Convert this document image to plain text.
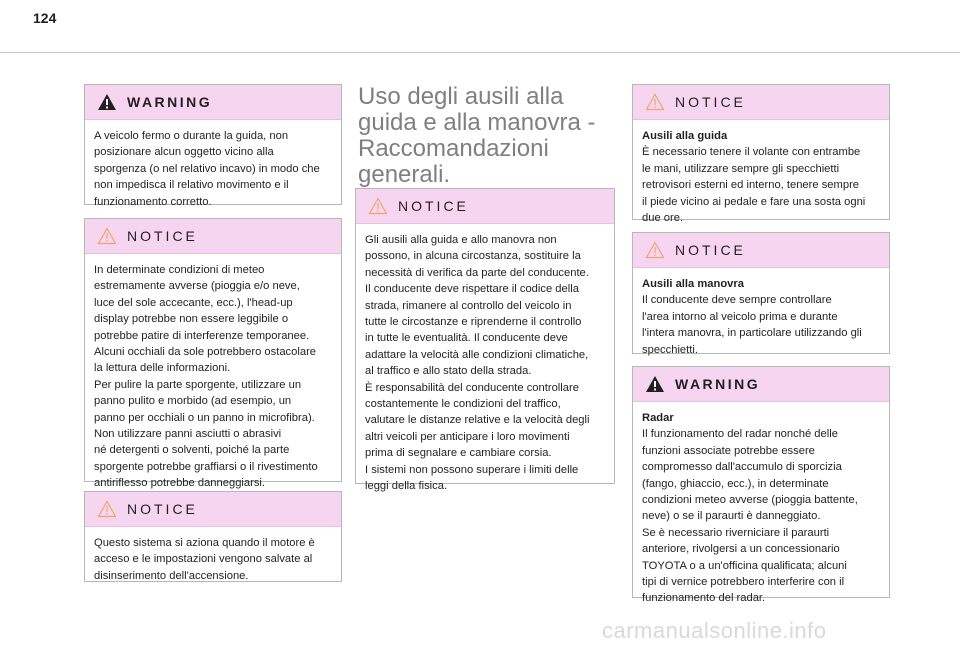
124
WARNING

A veicolo fermo o durante la guida, non
posizionare alcun oggetto vicino alla
sporgenza (o nel relativo incavo) in modo che
non impedisca il relativo movimento e il
funzionamento corretto.

NOTICE

In determinate condizioni di meteo
estremamente avverse (pioggia e/o neve,
luce del sole accecante, ecc.), l'head-up
display potrebbe non essere leggibile o
potrebbe patire di interferenze temporanee.
Alcuni occhiali da sole potrebbero ostacolare
la lettura delle informazioni.
Per pulire la parte sporgente, utilizzare un
panno pulito e morbido (ad esempio, un
panno per occhiali o un panno in microfibra).
Non utilizzare panni asciutti o abrasivi
né detergenti o solventi, poiché la parte
sporgente potrebbe graffiarsi o il rivestimento
antiriflesso potrebbe danneggiarsi.

NOTICE

Questo sistema si aziona quando il motore è
acceso e le impostazioni vengono salvate al
disinserimento dell'accensione.

Uso degli ausili alla guida e alla manovra - Raccomandazioni generali.
NOTICE

Gli ausili alla guida e allo manovra non
possono, in alcuna circostanza, sostituire la
necessità di verifica da parte del conducente.
Il conducente deve rispettare il codice della
strada, rimanere al controllo del veicolo in
tutte le circostanze e riprenderne il controllo
in tutte le eventualità. Il conducente deve
adattare la velocità alle condizioni climatiche,
al traffico e allo stato della strada.
È responsabilità del conducente controllare
costantemente le condizioni del traffico,
valutare le distanze relative e la velocità degli
altri veicoli per anticipare i loro movimenti
prima di segnalare e cambiare corsia.
I sistemi non possono superare i limiti delle
leggi della fisica.

NOTICE
Ausili alla guida

È necessario tenere il volante con entrambe
le mani, utilizzare sempre gli specchietti
retrovisori esterni ed interno, tenere sempre
il piede vicino ai pedale e fare una sosta ogni
due ore.

NOTICE
Ausili alla manovra

Il conducente deve sempre controllare
l'area intorno al veicolo prima e durante
l'intera manovra, in particolare utilizzando gli
specchietti.

WARNING
Radar

Il funzionamento del radar nonché delle
funzioni associate potrebbe essere
compromesso dall'accumulo di sporcizia
(fango, ghiaccio, ecc.), in determinate
condizioni meteo avverse (pioggia battente,
neve) o se il paraurti è danneggiato.
Se è necessario riverniciare il paraurti
anteriore, rivolgersi a un concessionario
TOYOTA o a un'officina qualificata; alcuni
tipi di vernice potrebbero interferire con il
funzionamento del radar.

carmanualsonline.info
